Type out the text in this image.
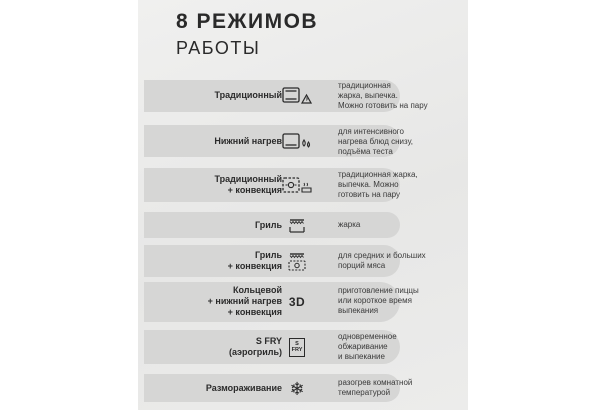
8 РЕЖИМОВ
РАБОТЫ
Традиционный
традиционная
жарка, выпечка.
Можно готовить на пару
Нижний нагрев
для интенсивного
нагрева блюд снизу,
подъёма теста
Традиционный
+ конвекция
традиционная жарка,
выпечка. Можно
готовить на пару
Гриль	жарка
Гриль
+ конвекция
для средних и больших
порций мяса
Кольцевой
+ нижний нагрев
+ конвекция
3D
приготовление пиццы
или короткое время
выпекания
S FRY
(аэрогриль)
S
FRY
одновременное
обжаривание
и выпекание
Размораживание ❄	разогрев комнатной
температурой
